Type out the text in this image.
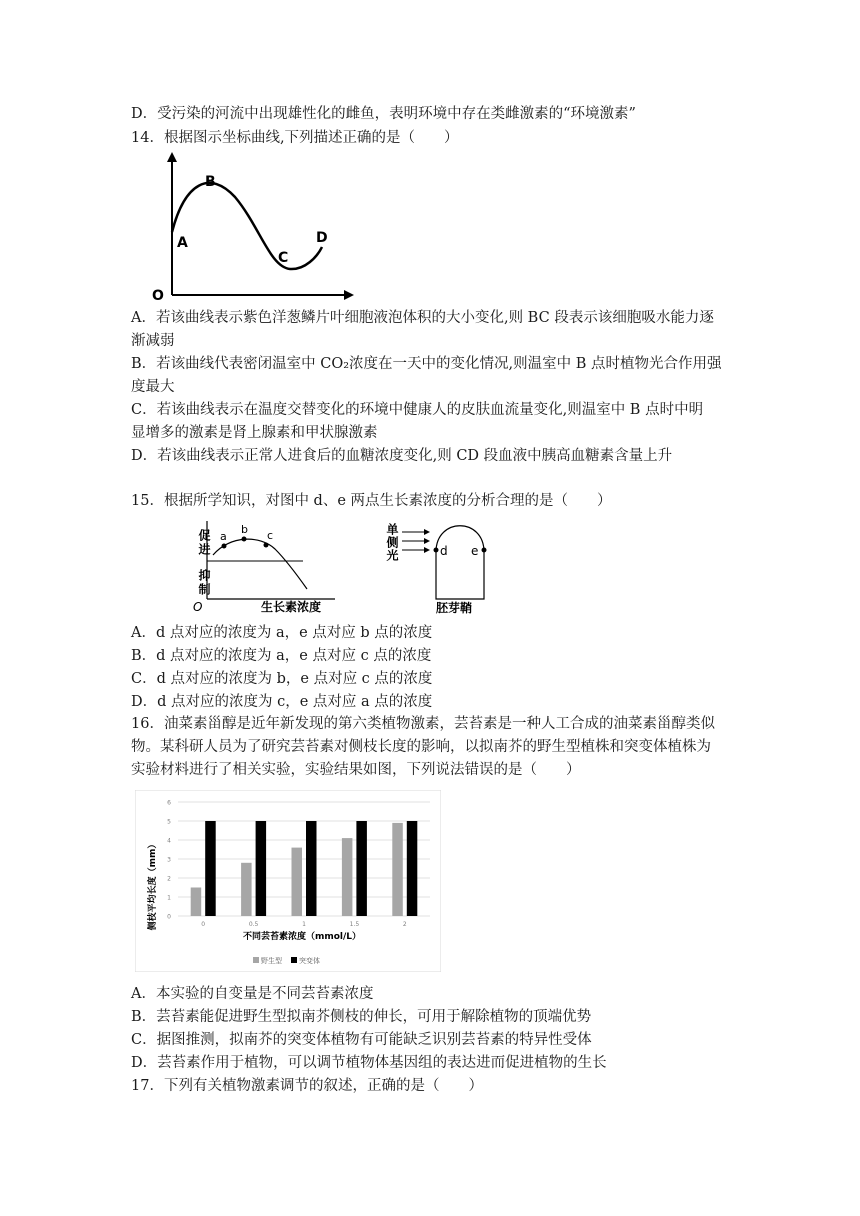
D．受污染的河流中出现雄性化的雌鱼，表明环境中存在类雌激素的“环境激素”
14．根据图示坐标曲线,下列描述正确的是（　　）
O
A
B
C
D
A．若该曲线表示紫色洋葱鳞片叶细胞液泡体积的大小变化,则 BC 段表示该细胞吸水能力逐
渐减弱
B．若该曲线代表密闭温室中 CO₂浓度在一天中的变化情况,则温室中 B 点时植物光合作用强
度最大
C．若该曲线表示在温度交替变化的环境中健康人的皮肤血流量变化,则温室中 B 点时中明
显增多的激素是肾上腺素和甲状腺激素
D．若该曲线表示正常人进食后的血糖浓度变化,则 CD 段血液中胰高血糖素含量上升
15．根据所学知识，对图中 d、e 两点生长素浓度的分析合理的是（　　）
a
b c
促进
抑制
O	生长素浓度
单侧光	d e
胚芽鞘
A．d 点对应的浓度为 a，e 点对应 b 点的浓度
B．d 点对应的浓度为 a，e 点对应 c 点的浓度
C．d 点对应的浓度为 b，e 点对应 c 点的浓度
D．d 点对应的浓度为 c，e 点对应 a 点的浓度
16．油菜素甾醇是近年新发现的第六类植物激素，芸苔素是一种人工合成的油菜素甾醇类似
物。某科研人员为了研究芸苔素对侧枝长度的影响，以拟南芥的野生型植株和突变体植株为
实验材料进行了相关实验，实验结果如图，下列说法错误的是（　　）
0
1
2
3
4
5
6
0	0.5	1	1.5	2
侧枝平均长度（mm）
不同芸苔素浓度（mmol/L）
野生型 突变体
A．本实验的自变量是不同芸苔素浓度
B．芸苔素能促进野生型拟南芥侧枝的伸长，可用于解除植物的顶端优势
C．据图推测，拟南芥的突变体植物有可能缺乏识别芸苔素的特异性受体
D．芸苔素作用于植物，可以调节植物体基因组的表达进而促进植物的生长
17．下列有关植物激素调节的叙述，正确的是（　　）
